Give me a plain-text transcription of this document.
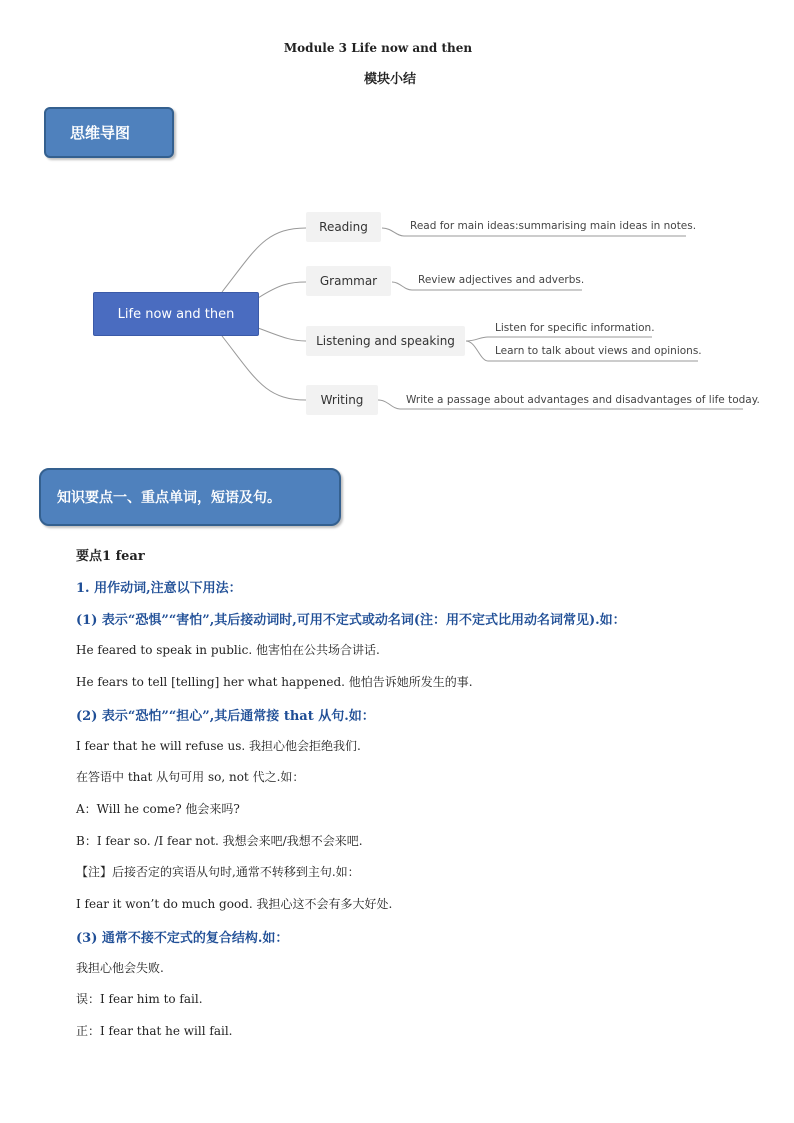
Module 3 Life now and then
模块小结
思维导图
Life now and then
Reading
Grammar
Listening and speaking
Writing
Read for main ideas:summarising main ideas in notes.
Review adjectives and adverbs.
Listen for specific information.
Learn to talk about views and opinions.
Write a passage about advantages and disadvantages of life today.
知识要点一、重点单词，短语及句。
要点1 fear
1. 用作动词,注意以下用法：
(1) 表示“恐惧”“害怕”,其后接动词时,可用不定式或动名词(注：用不定式比用动名词常见).如：
He feared to speak in public. 他害怕在公共场合讲话.
He fears to tell [telling] her what happened. 他怕告诉她所发生的事.
(2) 表示“恐怕”“担心”,其后通常接 that 从句.如：
I fear that he will refuse us. 我担心他会拒绝我们.
在答语中 that 从句可用 so, not 代之.如：
A：Will he come? 他会来吗?
B：I fear so. /I fear not. 我想会来吧/我想不会来吧.
【注】后接否定的宾语从句时,通常不转移到主句.如：
I fear it won’t do much good. 我担心这不会有多大好处.
(3) 通常不接不定式的复合结构.如：
我担心他会失败.
误：I fear him to fail.
正：I fear that he will fail.
